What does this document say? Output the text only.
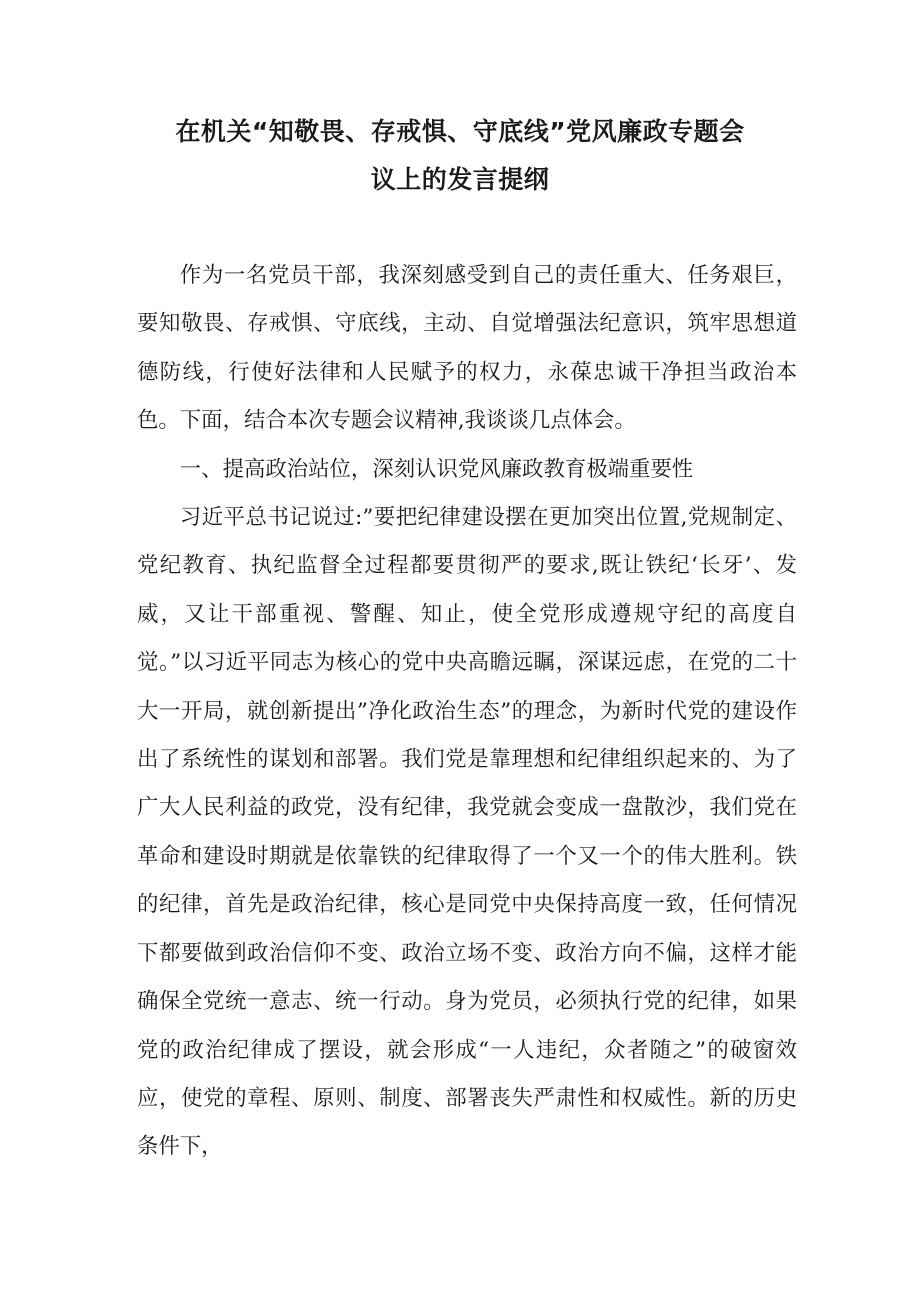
在机关“知敬畏、存戒惧、守底线”党风廉政专题会
议上的发言提纲

作为一名党员干部，我深刻感受到自己的责任重大、任务艰巨，要知敬畏、存戒惧、守底线，主动、自觉增强法纪意识，筑牢思想道德防线，行使好法律和人民赋予的权力，永葆忠诚干净担当政治本色。下面，结合本次专题会议精神,我谈谈几点体会。

一、提高政治站位，深刻认识党风廉政教育极端重要性

习近平总书记说过:”要把纪律建设摆在更加突出位置,党规制定、党纪教育、执纪监督全过程都要贯彻严的要求,既让铁纪‘长牙’、发威，又让干部重视、警醒、知止，使全党形成遵规守纪的高度自觉。”以习近平同志为核心的党中央高瞻远瞩，深谋远虑，在党的二十大一开局，就创新提出”净化政治生态”的理念，为新时代党的建设作出了系统性的谋划和部署。我们党是靠理想和纪律组织起来的、为了广大人民利益的政党，没有纪律，我党就会变成一盘散沙，我们党在革命和建设时期就是依靠铁的纪律取得了一个又一个的伟大胜利。铁的纪律，首先是政治纪律，核心是同党中央保持高度一致，任何情况下都要做到政治信仰不变、政治立场不变、政治方向不偏，这样才能确保全党统一意志、统一行动。身为党员，必须执行党的纪律，如果党的政治纪律成了摆设，就会形成“一人违纪，众者随之”的破窗效应，使党的章程、原则、制度、部署丧失严肃性和权威性。新的历史条件下，
